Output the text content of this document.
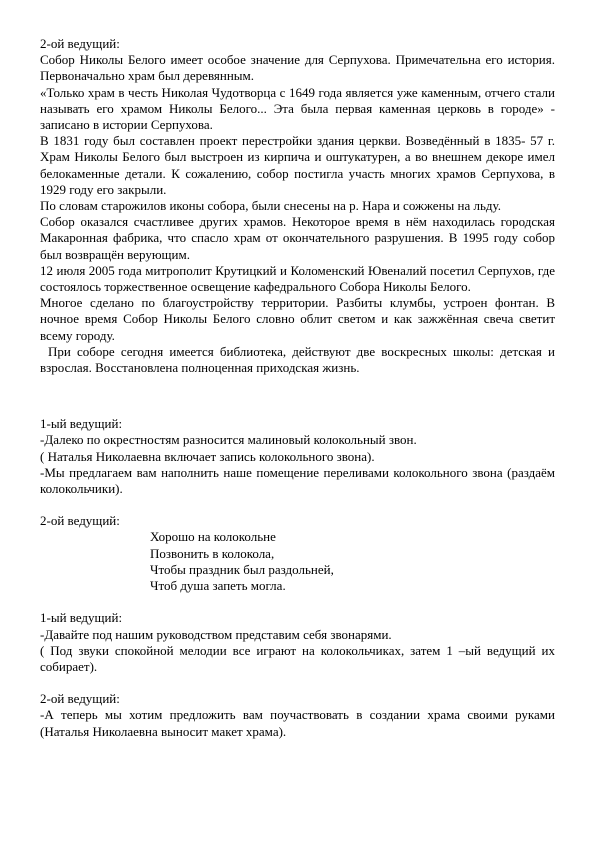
2-ой ведущий:

Собор Николы Белого имеет особое значение для Серпухова. Примечательна его история. Первоначально храм был деревянным.

«Только храм в честь Николая Чудотворца с 1649 года является уже каменным, отчего стали называть его храмом Николы Белого... Эта была первая каменная церковь в городе» - записано в истории Серпухова.

В 1831 году был составлен проект перестройки здания церкви. Возведённый в 1835- 57 г. Храм Николы Белого был выстроен из кирпича и оштукатурен, а во внешнем декоре имел белокаменные детали. К сожалению, собор постигла участь многих храмов Серпухова, в 1929 году его закрыли.

По словам старожилов иконы собора, были снесены на р. Нара и сожжены на льду.

Собор оказался счастливее других храмов. Некоторое время в нём находилась городская Макаронная фабрика, что спасло храм от окончательного разрушения. В 1995 году собор был возвращён верующим.

12 июля 2005 года митрополит Крутицкий и Коломенский Ювеналий посетил Серпухов, где состоялось торжественное освещение кафедрального Собора Николы Белого.

Многое сделано по благоустройству территории. Разбиты клумбы, устроен фонтан. В ночное время Собор Николы Белого словно облит светом и как зажжённая свеча светит всему городу.

При соборе сегодня имеется библиотека, действуют две воскресных школы: детская и взрослая. Восстановлена полноценная приходская жизнь.

1-ый ведущий:

-Далеко по окрестностям разносится малиновый колокольный звон.

( Наталья Николаевна включает запись колокольного звона).

-Мы предлагаем вам наполнить наше помещение переливами колокольного звона (раздаём колокольчики).

2-ой ведущий:

Хорошо на колокольне

Позвонить в колокола,

Чтобы праздник был раздольней,

Чтоб душа запеть могла.

1-ый ведущий:

-Давайте под нашим руководством представим себя звонарями.

( Под звуки спокойной мелодии все играют на колокольчиках, затем 1 –ый ведущий их собирает).

2-ой ведущий:

-А теперь мы хотим предложить вам поучаствовать в создании храма своими руками (Наталья Николаевна выносит макет храма).
